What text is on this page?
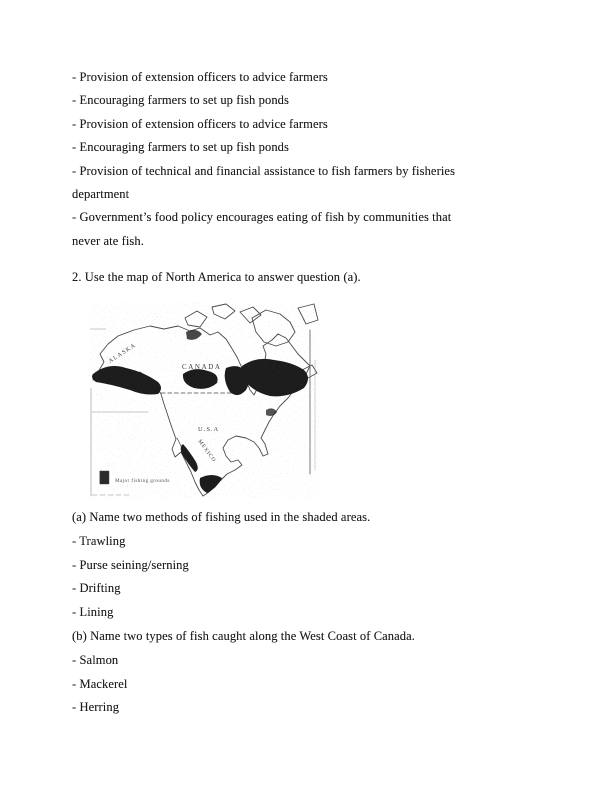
- Provision of extension officers to advice farmers

- Encouraging farmers to set up fish ponds

- Provision of extension officers to advice farmers

- Encouraging farmers to set up fish ponds

- Provision of technical and financial assistance to fish farmers by fisheries

department

- Government’s food policy encourages eating of fish by communities that

never ate fish.

2. Use the map of North America to answer question (a).

ALASKA
CANADA
U.S.A
MEXICO
Major fishing grounds

(a) Name two methods of fishing used in the shaded areas.

- Trawling

- Purse seining/serning

- Drifting

- Lining

(b) Name two types of fish caught along the West Coast of Canada.

- Salmon

- Mackerel

- Herring
